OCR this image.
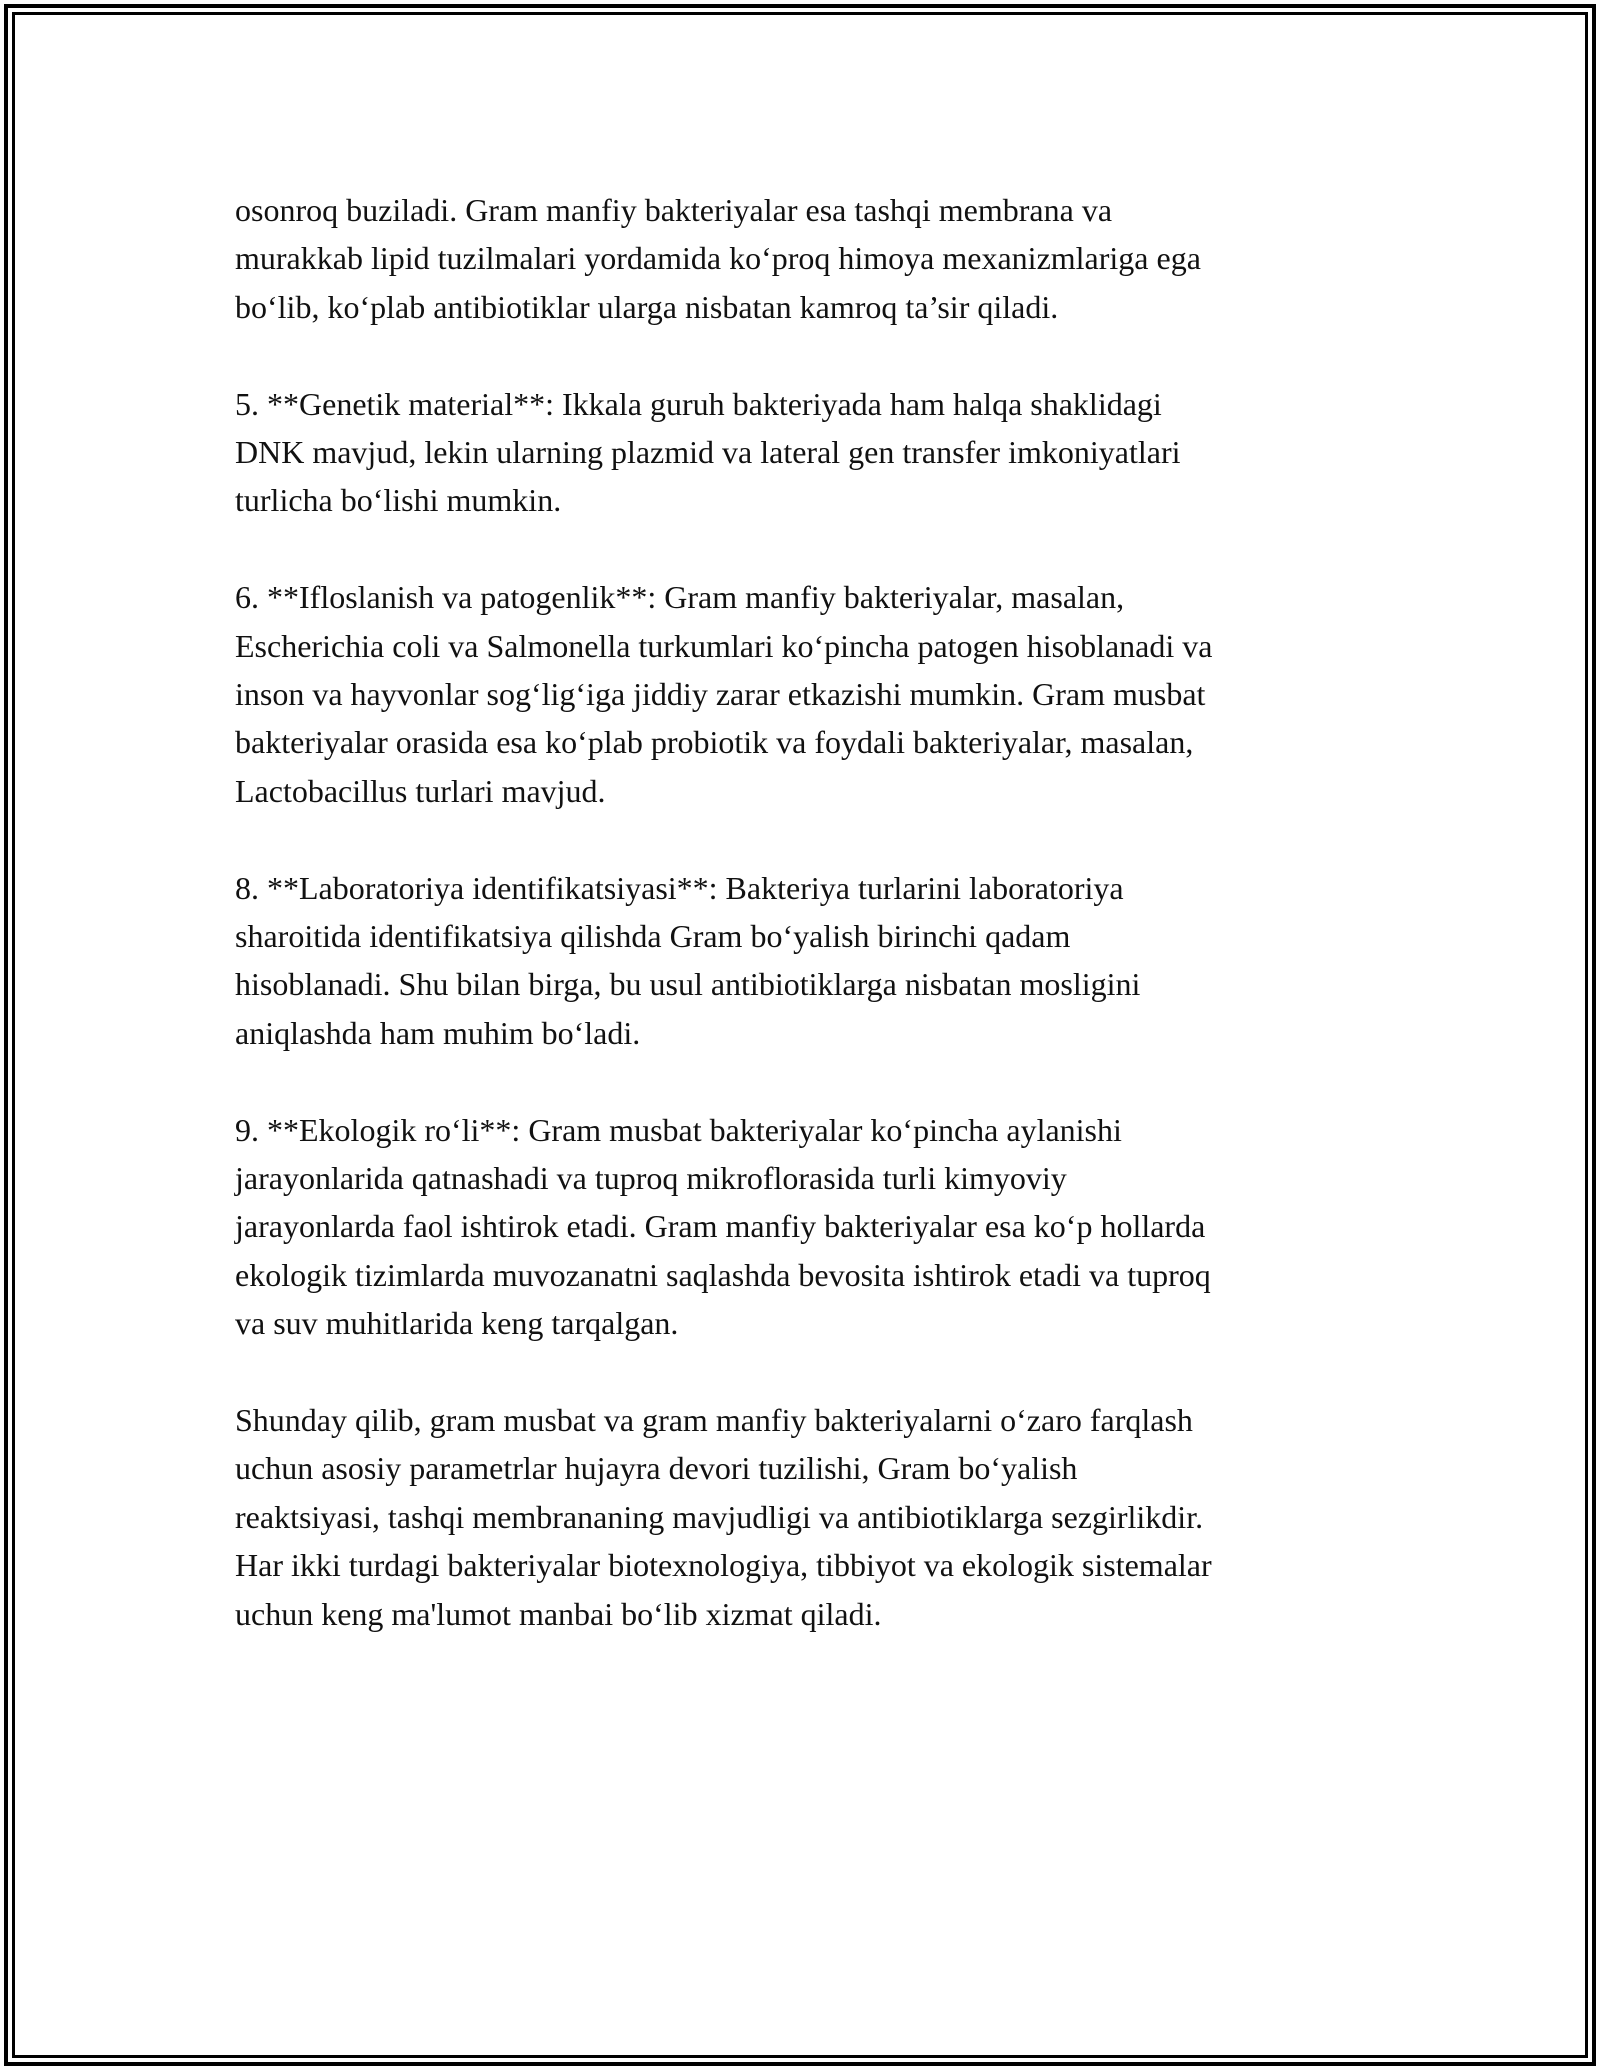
osonroq buziladi. Gram manfiy bakteriyalar esa tashqi membrana va
murakkab lipid tuzilmalari yordamida ko‘proq himoya mexanizmlariga ega
bo‘lib, ko‘plab antibiotiklar ularga nisbatan kamroq ta’sir qiladi.

5. **Genetik material**: Ikkala guruh bakteriyada ham halqa shaklidagi
DNK mavjud, lekin ularning plazmid va lateral gen transfer imkoniyatlari
turlicha bo‘lishi mumkin.

6. **Ifloslanish va patogenlik**: Gram manfiy bakteriyalar, masalan,
Escherichia coli va Salmonella turkumlari ko‘pincha patogen hisoblanadi va
inson va hayvonlar sog‘lig‘iga jiddiy zarar etkazishi mumkin. Gram musbat
bakteriyalar orasida esa ko‘plab probiotik va foydali bakteriyalar, masalan,
Lactobacillus turlari mavjud.

8. **Laboratoriya identifikatsiyasi**: Bakteriya turlarini laboratoriya
sharoitida identifikatsiya qilishda Gram bo‘yalish birinchi qadam
hisoblanadi. Shu bilan birga, bu usul antibiotiklarga nisbatan mosligini
aniqlashda ham muhim bo‘ladi.

9. **Ekologik ro‘li**: Gram musbat bakteriyalar ko‘pincha aylanishi
jarayonlarida qatnashadi va tuproq mikroflorasida turli kimyoviy
jarayonlarda faol ishtirok etadi. Gram manfiy bakteriyalar esa ko‘p hollarda
ekologik tizimlarda muvozanatni saqlashda bevosita ishtirok etadi va tuproq
va suv muhitlarida keng tarqalgan.

Shunday qilib, gram musbat va gram manfiy bakteriyalarni o‘zaro farqlash
uchun asosiy parametrlar hujayra devori tuzilishi, Gram bo‘yalish
reaktsiyasi, tashqi membrananing mavjudligi va antibiotiklarga sezgirlikdir.
Har ikki turdagi bakteriyalar biotexnologiya, tibbiyot va ekologik sistemalar
uchun keng ma'lumot manbai bo‘lib xizmat qiladi.
